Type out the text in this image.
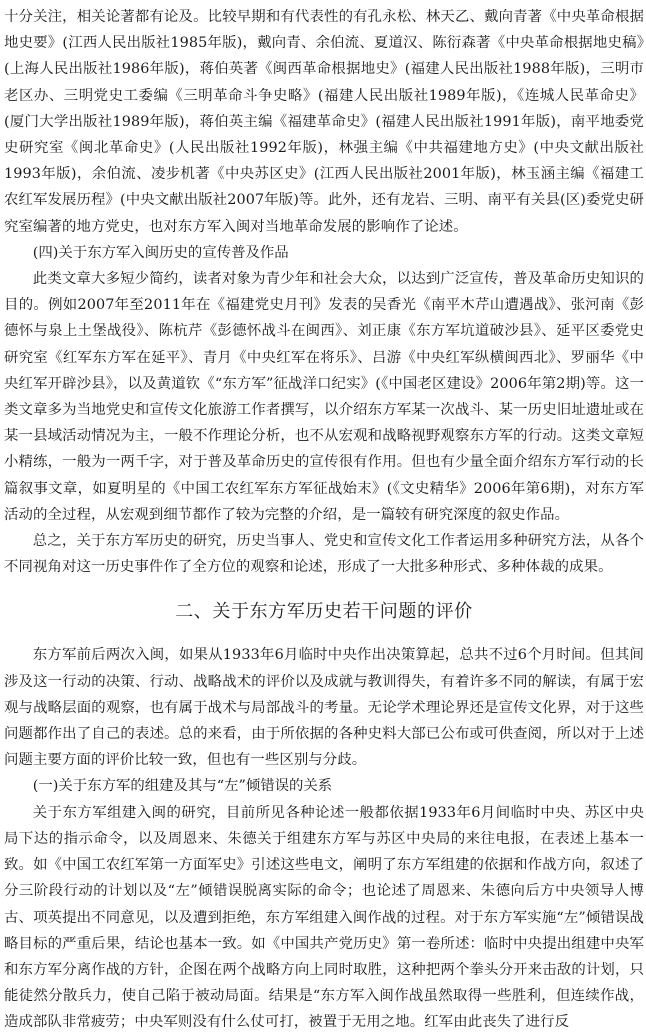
十分关注，相关论著都有论及。比较早期和有代表性的有孔永松、林天乙、戴向青著《中央革命根据地史要》(江西人民出版社1985年版)，戴向青、余伯流、夏道汉、陈衍森著《中央革命根据地史稿》(上海人民出版社1986年版)，蒋伯英著《闽西革命根据地史》(福建人民出版社1988年版)，三明市老区办、三明党史工委编《三明革命斗争史略》(福建人民出版社1989年版)，《连城人民革命史》(厦门大学出版社1989年版)，蒋伯英主编《福建革命史》(福建人民出版社1991年版)，南平地委党史研究室《闽北革命史》(人民出版社1992年版)，林强主编《中共福建地方史》(中央文献出版社1993年版)，余伯流、凌步机著《中央苏区史》(江西人民出版社2001年版)，林玉涵主编《福建工农红军发展历程》(中央文献出版社2007年版)等。此外，还有龙岩、三明、南平有关县(区)委党史研究室编著的地方党史，也对东方军入闽对当地革命发展的影响作了论述。

(四)关于东方军入闽历史的宣传普及作品

此类文章大多短少简约，读者对象为青少年和社会大众，以达到广泛宣传，普及革命历史知识的目的。例如2007年至2011年在《福建党史月刊》发表的吴香光《南平木芹山遭遇战》、张河南《彭德怀与泉上土堡战役》、陈杭芹《彭德怀战斗在闽西》、刘正康《东方军坑道破沙县》、延平区委党史研究室《红军东方军在延平》、青月《中央红军在将乐》、吕游《中央红军纵横闽西北》、罗丽华《中央红军开辟沙县》，以及黄道钦《“东方军”征战洋口纪实》(《中国老区建设》2006年第2期)等。这一类文章多为当地党史和宣传文化旅游工作者撰写，以介绍东方军某一次战斗、某一历史旧址遗址或在某一县域活动情况为主，一般不作理论分析，也不从宏观和战略视野观察东方军的行动。这类文章短小精练，一般为一两千字，对于普及革命历史的宣传很有作用。但也有少量全面介绍东方军行动的长篇叙事文章，如夏明星的《中国工农红军东方军征战始末》(《文史精华》2006年第6期)，对东方军活动的全过程，从宏观到细节都作了较为完整的介绍，是一篇较有研究深度的叙史作品。

总之，关于东方军历史的研究，历史当事人、党史和宣传文化工作者运用多种研究方法，从各个不同视角对这一历史事件作了全方位的观察和论述，形成了一大批多种形式、多种体裁的成果。

二、关于东方军历史若干问题的评价

东方军前后两次入闽，如果从1933年6月临时中央作出决策算起，总共不过6个月时间。但其间涉及这一行动的决策、行动、战略战术的评价以及成就与教训得失，有着许多不同的解读，有属于宏观与战略层面的观察，也有属于战术与局部战斗的考量。无论学术理论界还是宣传文化界，对于这些问题都作出了自己的表述。总的来看，由于所依据的各种史料大部已公布或可供查阅，所以对于上述问题主要方面的评价比较一致，但也有一些区别与分歧。

(一)关于东方军的组建及其与“左”倾错误的关系

关于东方军组建入闽的研究，目前所见各种论述一般都依据1933年6月间临时中央、苏区中央局下达的指示命令，以及周恩来、朱德关于组建东方军与苏区中央局的来往电报，在表述上基本一致。如《中国工农红军第一方面军史》引述这些电文，阐明了东方军组建的依据和作战方向，叙述了分三阶段行动的计划以及“左”倾错误脱离实际的命令；也论述了周恩来、朱德向后方中央领导人博古、项英提出不同意见，以及遭到拒绝，东方军组建入闽作战的过程。对于东方军实施“左”倾错误战略目标的严重后果，结论也基本一致。如《中国共产党历史》第一卷所述：临时中央提出组建中央军和东方军分离作战的方针，企图在两个战略方向上同时取胜，这种把两个拳头分开来击敌的计划，只能徒然分散兵力，使自己陷于被动局面。结果是“东方军入闽作战虽然取得一些胜利，但连续作战，造成部队非常疲劳；中央军则没有什么仗可打，被置于无用之地。红军由此丧失了进行反
